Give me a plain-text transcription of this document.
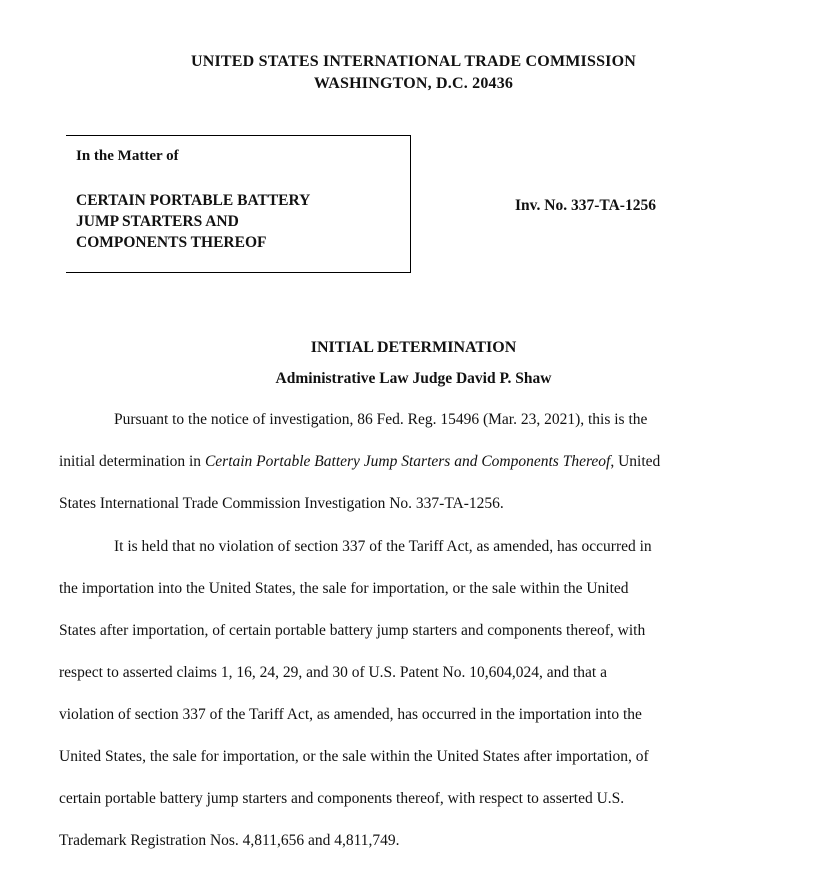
UNITED STATES INTERNATIONAL TRADE COMMISSION
WASHINGTON, D.C. 20436
In the Matter of
CERTAIN PORTABLE BATTERY
JUMP STARTERS AND
COMPONENTS THEREOF
Inv. No. 337-TA-1256
INITIAL DETERMINATION
Administrative Law Judge David P. Shaw
Pursuant to the notice of investigation, 86 Fed. Reg. 15496 (Mar. 23, 2021), this is the
initial determination in Certain Portable Battery Jump Starters and Components Thereof, United
States International Trade Commission Investigation No. 337-TA-1256.
It is held that no violation of section 337 of the Tariff Act, as amended, has occurred in
the importation into the United States, the sale for importation, or the sale within the United
States after importation, of certain portable battery jump starters and components thereof, with
respect to asserted claims 1, 16, 24, 29, and 30 of U.S. Patent No. 10,604,024, and that a
violation of section 337 of the Tariff Act, as amended, has occurred in the importation into the
United States, the sale for importation, or the sale within the United States after importation, of
certain portable battery jump starters and components thereof, with respect to asserted U.S.
Trademark Registration Nos. 4,811,656 and 4,811,749.
